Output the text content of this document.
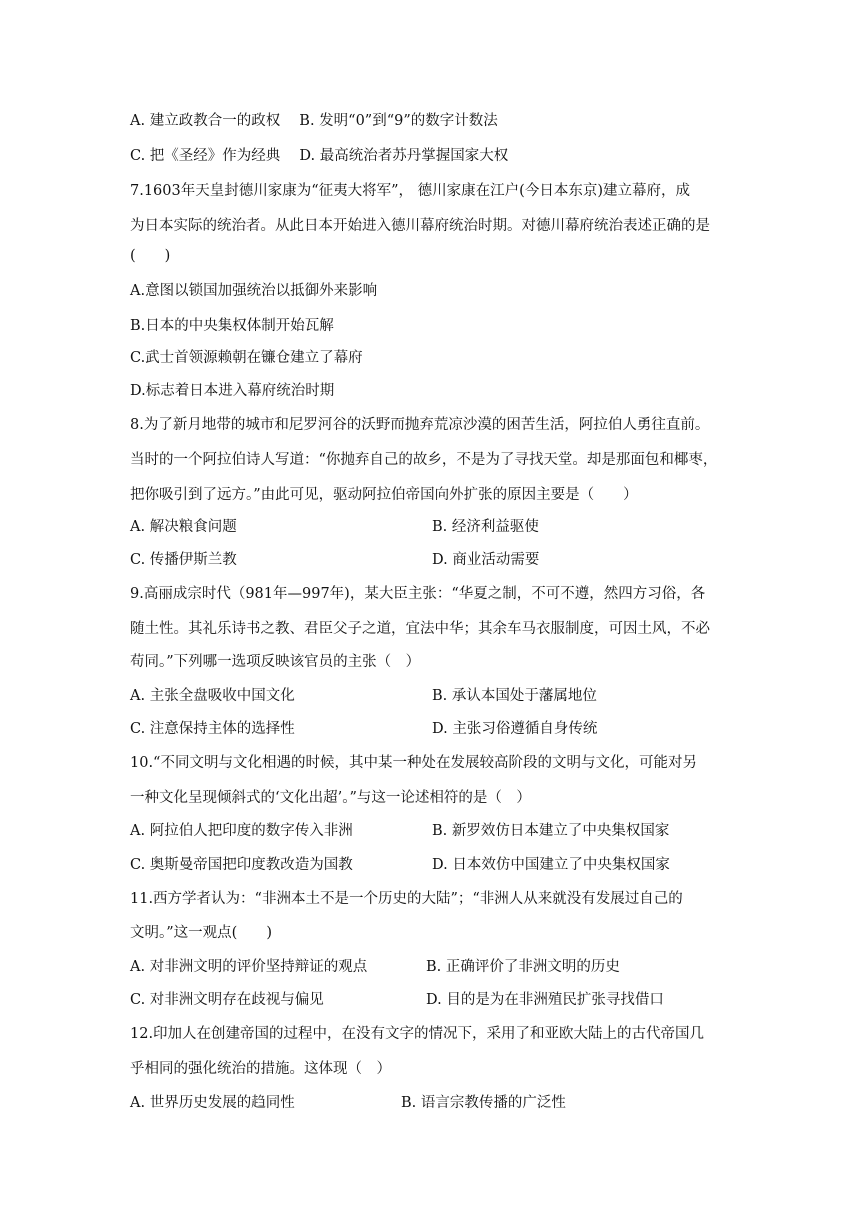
A. 建立政教合一的政权　 B. 发明“0”到“9”的数字计数法
C. 把《圣经》作为经典　 D. 最高统治者苏丹掌握国家大权
7.1603年天皇封德川家康为“征夷大将军”， 德川家康在江户(今日本东京)建立幕府，成
为日本实际的统治者。从此日本开始进入德川幕府统治时期。对德川幕府统治表述正确的是
(　　)
A.意图以锁国加强统治以抵御外来影响
B.日本的中央集权体制开始瓦解
C.武士首领源赖朝在镰仓建立了幕府
D.标志着日本进入幕府统治时期
8.为了新月地带的城市和尼罗河谷的沃野而抛弃荒凉沙漠的困苦生活，阿拉伯人勇往直前。
当时的一个阿拉伯诗人写道：“你抛弃自己的故乡，不是为了寻找天堂。却是那面包和椰枣，
把你吸引到了远方。”由此可见，驱动阿拉伯帝国向外扩张的原因主要是（　　）
A. 解决粮食问题	B. 经济利益驱使
C. 传播伊斯兰教	D. 商业活动需要
9.高丽成宗时代（981年—997年)，某大臣主张：“华夏之制，不可不遵，然四方习俗，各
随土性。其礼乐诗书之教、君臣父子之道，宜法中华；其余车马衣服制度，可因土风，不必
苟同。”下列哪一选项反映该官员的主张（　）
A. 主张全盘吸收中国文化	B. 承认本国处于藩属地位
C. 注意保持主体的选择性	D. 主张习俗遵循自身传统
10.“不同文明与文化相遇的时候，其中某一种处在发展较高阶段的文明与文化，可能对另
一种文化呈现倾斜式的‘文化出超’。”与这一论述相符的是（　）
A. 阿拉伯人把印度的数字传入非洲	B. 新罗效仿日本建立了中央集权国家
C. 奥斯曼帝国把印度教改造为国教	D. 日本效仿中国建立了中央集权国家
11.西方学者认为：“非洲本土不是一个历史的大陆”；“非洲人从来就没有发展过自己的
文明。”这一观点(　　)
A. 对非洲文明的评价坚持辩证的观点	B. 正确评价了非洲文明的历史
C. 对非洲文明存在歧视与偏见	D. 目的是为在非洲殖民扩张寻找借口
12.印加人在创建帝国的过程中，在没有文字的情况下，采用了和亚欧大陆上的古代帝国几
乎相同的强化统治的措施。这体现（　）
A. 世界历史发展的趋同性	B. 语言宗教传播的广泛性
